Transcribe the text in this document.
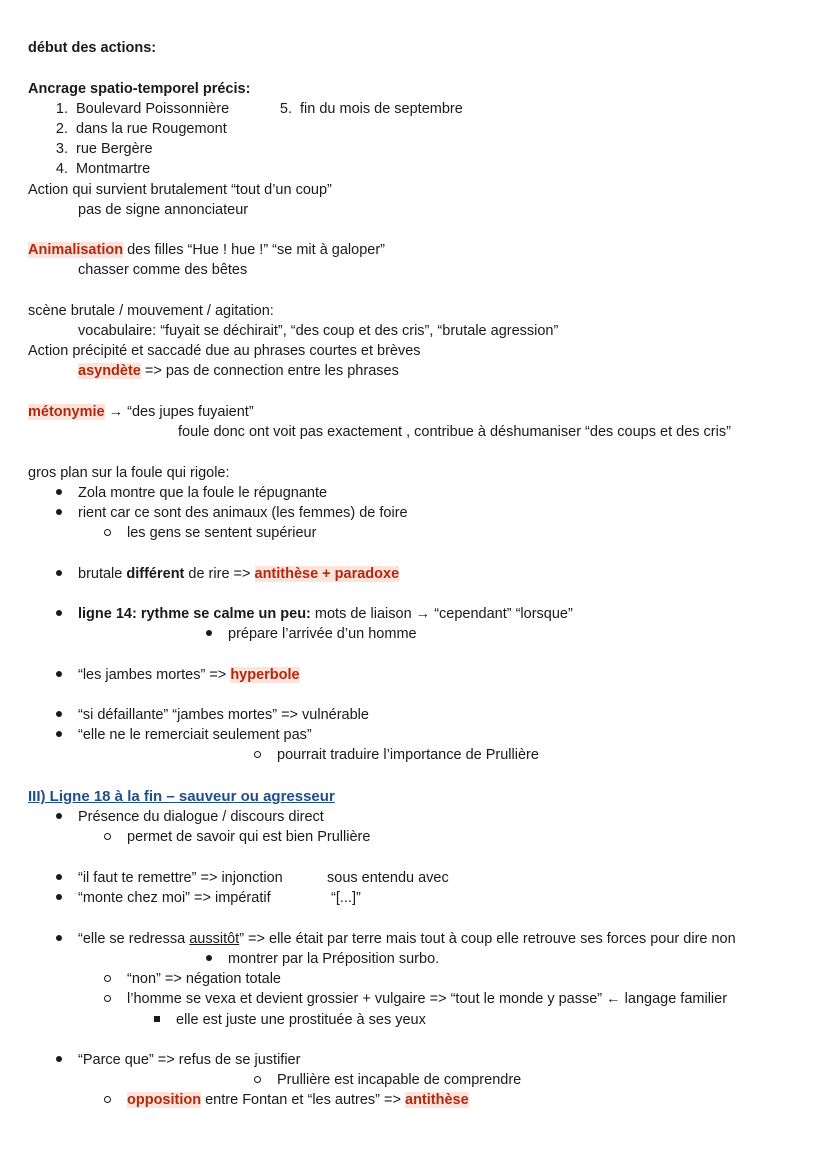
début des actions:
Ancrage spatio-temporel précis:
1. Boulevard Poissonnière	5. fin du mois de septembre
2. dans la rue Rougemont
3. rue Bergère
4. Montmartre
Action qui survient brutalement “tout d’un coup”
pas de signe annonciateur
Animalisation des filles “Hue ! hue !” “se mit à galoper”
chasser comme des bêtes
scène brutale / mouvement / agitation:
vocabulaire: “fuyait se déchirait”, “des coup et des cris”, “brutale agression”
Action précipité et saccadé due au phrases courtes et brèves
asyndète => pas de connection entre les phrases
métonymie → “des jupes fuyaient”
foule donc ont voit pas exactement , contribue à déshumaniser “des coups et des cris”
gros plan sur la foule qui rigole:
Zola montre que la foule le répugnante
rient car ce sont des animaux (les femmes) de foire
les gens se sentent supérieur
brutale différent de rire => antithèse + paradoxe
ligne 14: rythme se calme un peu: mots de liaison → “cependant” “lorsque”
prépare l’arrivée d’un homme
“les jambes mortes” => hyperbole
“si défaillante” “jambes mortes” => vulnérable
“elle ne le remerciait seulement pas”
pourrait traduire l’importance de Prullière
III) Ligne 18 à la fin – sauveur ou agresseur
Présence du dialogue / discours direct
permet de savoir qui est bien Prullière
“il faut te remettre” => injonction	sous entendu avec
“monte chez moi” => impératif	“[...]”
“elle se redressa aussitôt” => elle était par terre mais tout à coup elle retrouve ses forces pour dire non
montrer par la Préposition surbo.
“non” => négation totale
l’homme se vexa et devient grossier + vulgaire => “tout le monde y passe” ← langage familier
elle est juste une prostituée à ses yeux
“Parce que” => refus de se justifier
Prullière est incapable de comprendre
opposition entre Fontan et “les autres” => antithèse
